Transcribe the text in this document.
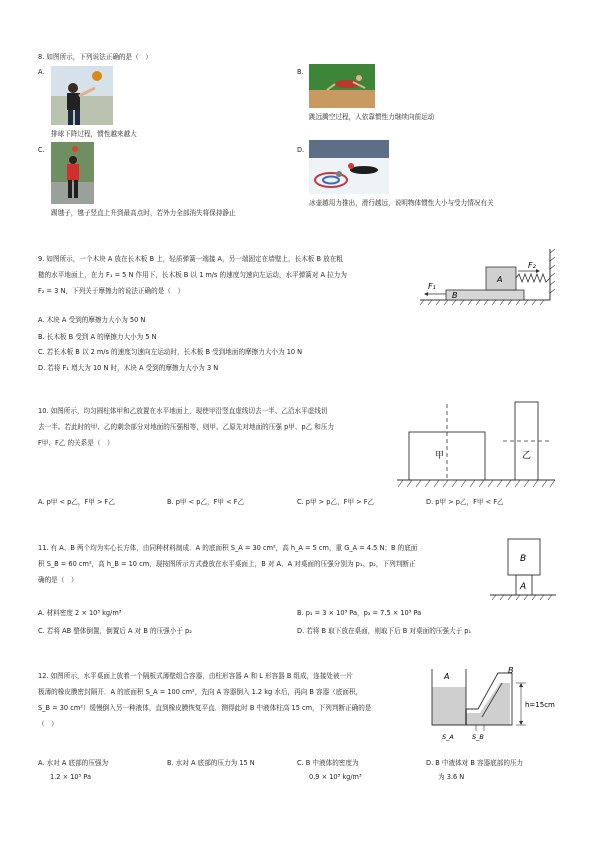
8. 如图所示，下列说法正确的是（　）
A.
排球下降过程，惯性越来越大
B.
跳远腾空过程，人依靠惯性力继续向前运动
C.
踢毽子，毽子竖直上升到最高点时，若外力全部消失将保持静止
D.
冰壶越用力推出，滑行越远，说明物体惯性大小与受力情况有关
9. 如图所示，一个木块 A 放在长木板 B 上，轻质弹簧一端接 A，另一端固定在墙壁上，长木板 B 放在粗
糙的水平地面上，在力 F₁ = 5 N 作用下，长木板 B 以 1 m/s 的速度匀速向左运动，水平弹簧对 A 拉力为
F₂ = 3 N，下列关于摩擦力的说法正确的是（　）
A. 木块 A 受到的摩擦力大小为 50 N
B. 长木板 B 受到 A 的摩擦力大小为 5 N
C. 若长木板 B 以 2 m/s 的速度匀速向左运动时，长木板 B 受到地面的摩擦力大小为 10 N
D. 若将 F₁ 增大为 10 N 时，木块 A 受到的摩擦力大小为 3 N
F₂
F₁
A
B
10. 如图所示，均匀圆柱体甲和乙放置在水平地面上，现使甲沿竖直虚线切去一半、乙沿水平虚线切
去一半。若此时的甲、乙的剩余部分对地面的压强相等，则甲、乙原先对地面的压强 p甲、p乙 和压力
F甲、F乙 的关系是（　）
A. p甲 < p乙，F甲 > F乙	B. p甲 < p乙，F甲 < F乙	C. p甲 > p乙，F甲 > F乙	D. p甲 > p乙，F甲 < F乙
甲	乙
11. 有 A、B 两个均为实心长方体，由同种材料制成．A 的底面积 S_A = 30 cm²，高 h_A = 5 cm，重 G_A = 4.5 N；B 的底面
积 S_B = 60 cm²，高 h_B = 10 cm，现按图所示方式叠放在水平桌面上，B 对 A、A 对桌面的压强分别为 p₁、p₂，下列判断正
确的是（　）
A. 材料密度 2 × 10³ kg/m³	B. p₁ = 3 × 10³ Pa，p₂ = 7.5 × 10³ Pa
C. 若将 AB 整体倒置，倒置后 A 对 B 的压强小于 p₂	D. 若将 B 取下放在桌面，则取下后 B 对桌面的压强大于 p₁
B
A
12. 如图所示，水平桌面上放着一个隔板式薄壁组合容器，由柱形容器 A 和 L 形容器 B 组成，连接处被一片
极薄的橡皮膜密封隔开．A 的底面积 S_A = 100 cm²，先向 A 容器倒入 1.2 kg 水后，再向 B 容器（底面积，
S_B = 30 cm²）缓慢倒入另一种液体，直到橡皮膜恢复平直．测得此时 B 中液体柱高 15 cm，下列判断正确的是
（　）
A. 水对 A 底部的压强为
1.2 × 10⁵ Pa
B. 水对 A 底部的压力为 15 N	C. B 中液体的密度为
0.9 × 10³ kg/m³
D. B 中液体对 B 容器底部的压力
为 3.6 N
A
B
S_A	S_B
h=15cm
